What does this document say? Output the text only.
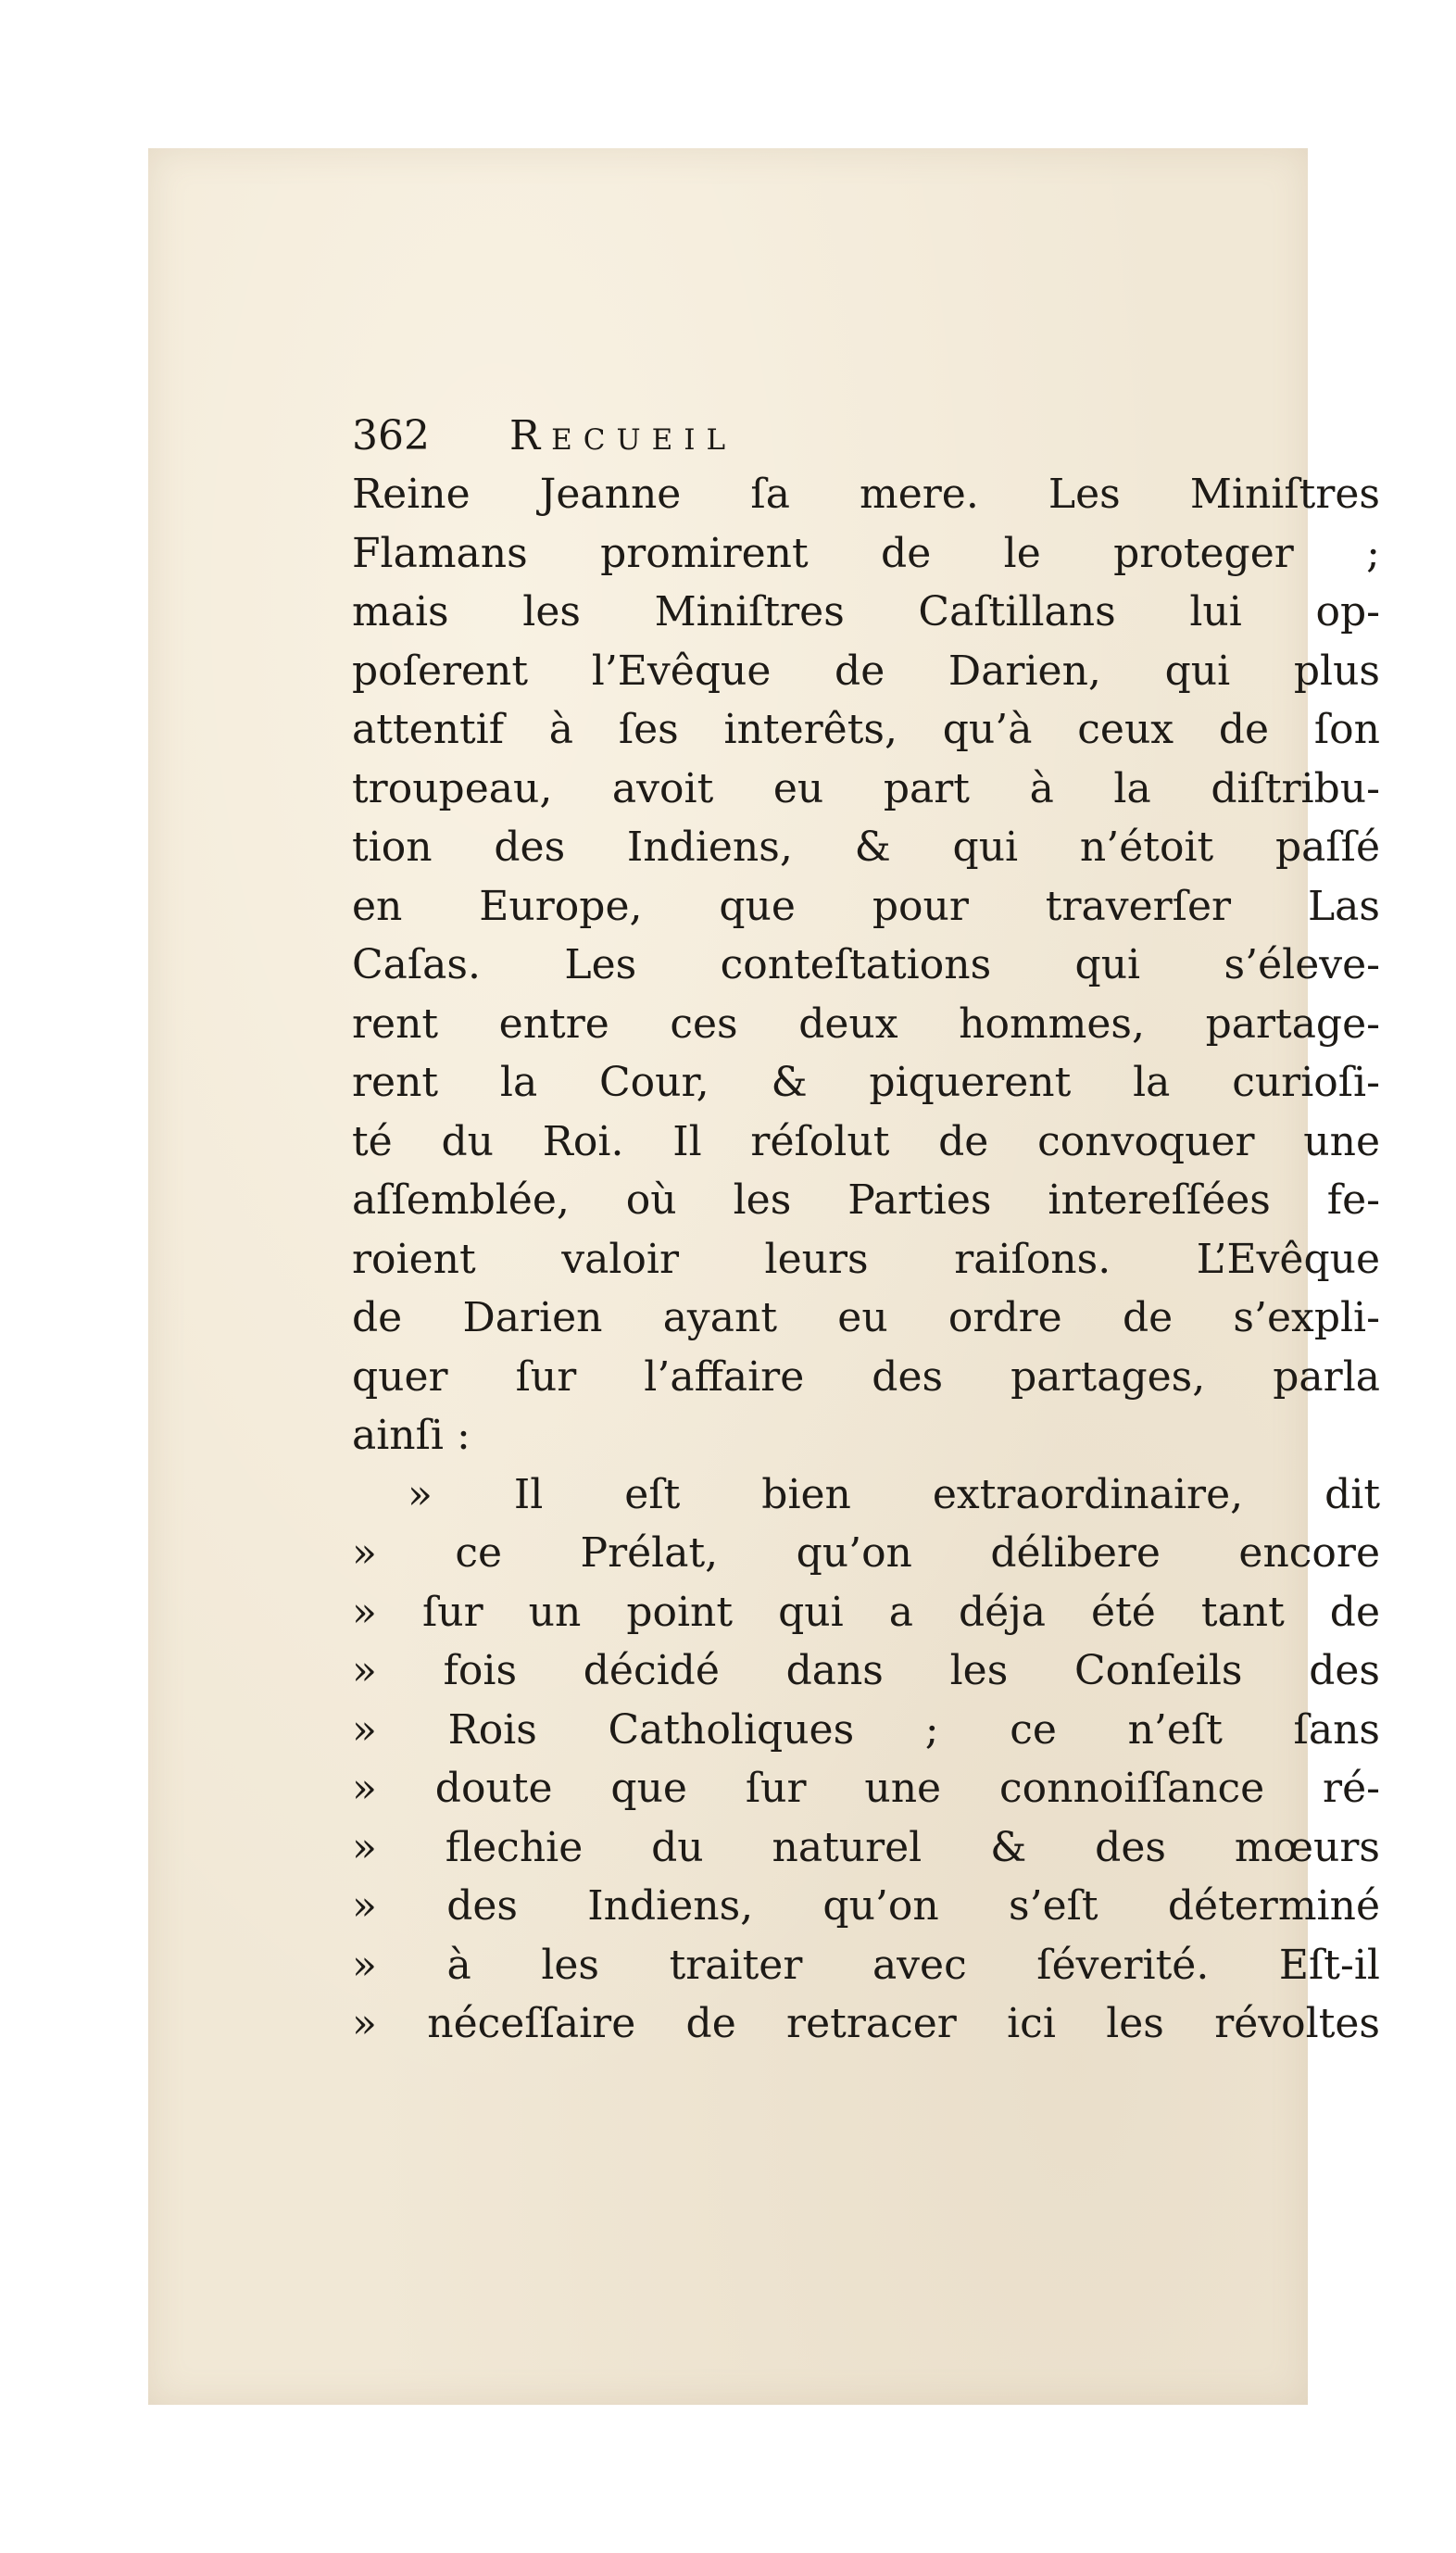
362 Recueil
Reine Jeanne ſa mere. Les Miniſtres
Flamans promirent de le proteger ;
mais les Miniſtres Caſtillans lui op-
poſerent l’Evêque de Darien, qui plus
attentif à ſes interêts, qu’à ceux de ſon
troupeau, avoit eu part à la diſtribu-
tion des Indiens, & qui n’étoit paſſé
en Europe, que pour traverſer Las
Caſas. Les conteſtations qui s’éleve-
rent entre ces deux hommes, partage-
rent la Cour, & piquerent la curioſi-
té du Roi. Il réſolut de convoquer une
aſſemblée, où les Parties intereſſées fe-
roient valoir leurs raiſons. L’Evêque
de Darien ayant eu ordre de s’expli-
quer ſur l’affaire des partages, parla
ainſi :
» Il eſt bien extraordinaire, dit
» ce Prélat, qu’on délibere encore
» ſur un point qui a déja été tant de
» fois décidé dans les Conſeils des
» Rois Catholiques ; ce n’eſt ſans
» doute que ſur une connoiſſance ré-
» flechie du naturel & des mœurs
» des Indiens, qu’on s’eſt déterminé
» à les traiter avec ſéverité. Eſt-il
» néceſſaire de retracer ici les révoltes
